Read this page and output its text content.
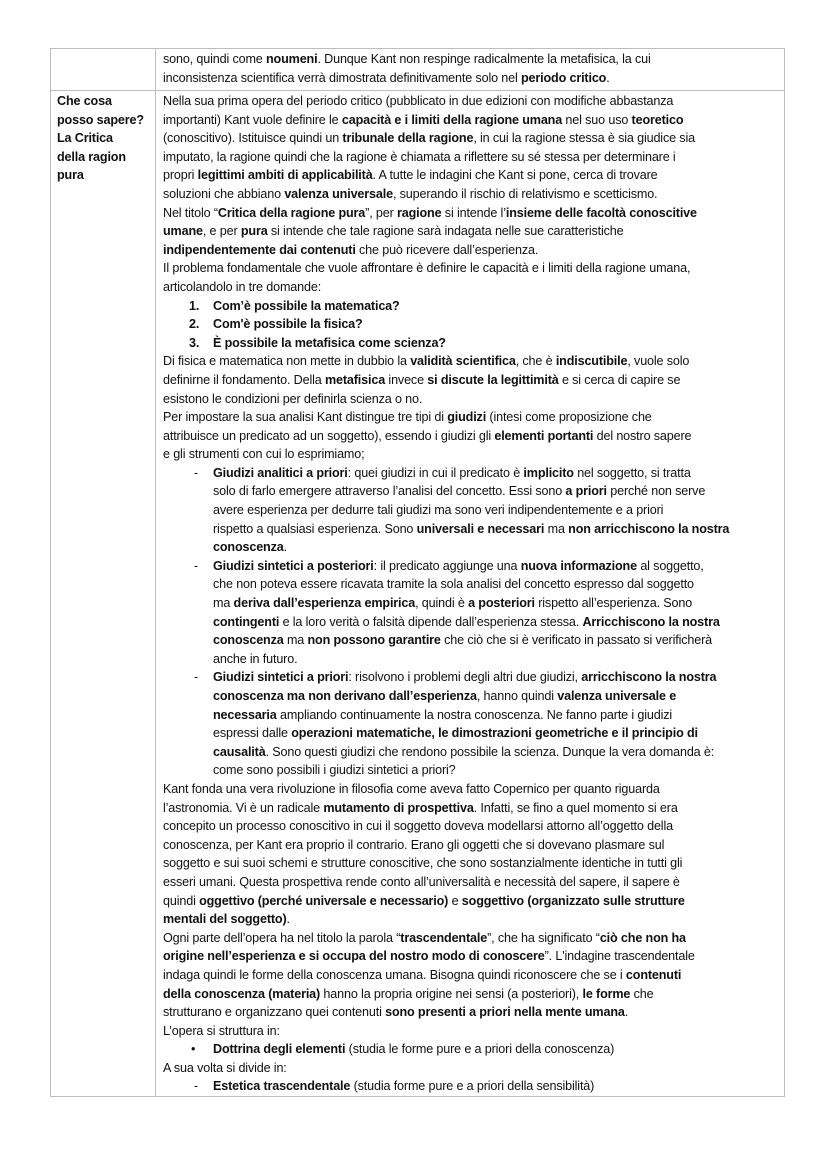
sono, quindi come noumeni. Dunque Kant non respinge radicalmente la metafisica, la cui
inconsistenza scientifica verrà dimostrata definitivamente solo nel periodo critico.
Che cosa
posso sapere?
La Critica
della ragion
pura
Nella sua prima opera del periodo critico (pubblicato in due edizioni con modifiche abbastanza
importanti) Kant vuole definire le capacità e i limiti della ragione umana nel suo uso teoretico
(conoscitivo). Istituisce quindi un tribunale della ragione, in cui la ragione stessa è sia giudice sia
imputato, la ragione quindi che la ragione è chiamata a riflettere su sé stessa per determinare i
propri legittimi ambiti di applicabilità. A tutte le indagini che Kant si pone, cerca di trovare
soluzioni che abbiano valenza universale, superando il rischio di relativismo e scetticismo.
Nel titolo “Critica della ragione pura”, per ragione si intende l’insieme delle facoltà conoscitive
umane, e per pura si intende che tale ragione sarà indagata nelle sue caratteristiche
indipendentemente dai contenuti che può ricevere dall’esperienza.
Il problema fondamentale che vuole affrontare è definire le capacità e i limiti della ragione umana,
articolandolo in tre domande:
1. Com’è possibile la matematica?
2. Com'è possibile la fisica?
3. È possibile la metafisica come scienza?
Di fisica e matematica non mette in dubbio la validità scientifica, che è indiscutibile, vuole solo
definirne il fondamento. Della metafisica invece si discute la legittimità e si cerca di capire se
esistono le condizioni per definirla scienza o no.
Per impostare la sua analisi Kant distingue tre tipi di giudizi (intesi come proposizione che
attribuisce un predicato ad un soggetto), essendo i giudizi gli elementi portanti del nostro sapere
e gli strumenti con cui lo esprimiamo;
- Giudizi analitici a priori: quei giudizi in cui il predicato è implicito nel soggetto, si tratta
solo di farlo emergere attraverso l’analisi del concetto. Essi sono a priori perché non serve
avere esperienza per dedurre tali giudizi ma sono veri indipendentemente e a priori
rispetto a qualsiasi esperienza. Sono universali e necessari ma non arricchiscono la nostra
conoscenza.
- Giudizi sintetici a posteriori: il predicato aggiunge una nuova informazione al soggetto,
che non poteva essere ricavata tramite la sola analisi del concetto espresso dal soggetto
ma deriva dall’esperienza empirica, quindi è a posteriori rispetto all’esperienza. Sono
contingenti e la loro verità o falsità dipende dall’esperienza stessa. Arricchiscono la nostra
conoscenza ma non possono garantire che ciò che si è verificato in passato si verificherà
anche in futuro.
- Giudizi sintetici a priori: risolvono i problemi degli altri due giudizi, arricchiscono la nostra
conoscenza ma non derivano dall’esperienza, hanno quindi valenza universale e
necessaria ampliando continuamente la nostra conoscenza. Ne fanno parte i giudizi
espressi dalle operazioni matematiche, le dimostrazioni geometriche e il principio di
causalità. Sono questi giudizi che rendono possibile la scienza. Dunque la vera domanda è:
come sono possibili i giudizi sintetici a priori?
Kant fonda una vera rivoluzione in filosofia come aveva fatto Copernico per quanto riguarda
l’astronomia. Vi è un radicale mutamento di prospettiva. Infatti, se fino a quel momento si era
concepito un processo conoscitivo in cui il soggetto doveva modellarsi attorno all’oggetto della
conoscenza, per Kant era proprio il contrario. Erano gli oggetti che si dovevano plasmare sul
soggetto e sui suoi schemi e strutture conoscitive, che sono sostanzialmente identiche in tutti gli
esseri umani. Questa prospettiva rende conto all’universalità e necessità del sapere, il sapere è
quindi oggettivo (perché universale e necessario) e soggettivo (organizzato sulle strutture
mentali del soggetto).
Ogni parte dell’opera ha nel titolo la parola “trascendentale”, che ha significato “ciò che non ha
origine nell’esperienza e si occupa del nostro modo di conoscere”. L'indagine trascendentale
indaga quindi le forme della conoscenza umana. Bisogna quindi riconoscere che se i contenuti
della conoscenza (materia) hanno la propria origine nei sensi (a posteriori), le forme che
strutturano e organizzano quei contenuti sono presenti a priori nella mente umana.
L’opera si struttura in:
• Dottrina degli elementi (studia le forme pure e a priori della conoscenza)
A sua volta si divide in:
- Estetica trascendentale (studia forme pure e a priori della sensibilità)
